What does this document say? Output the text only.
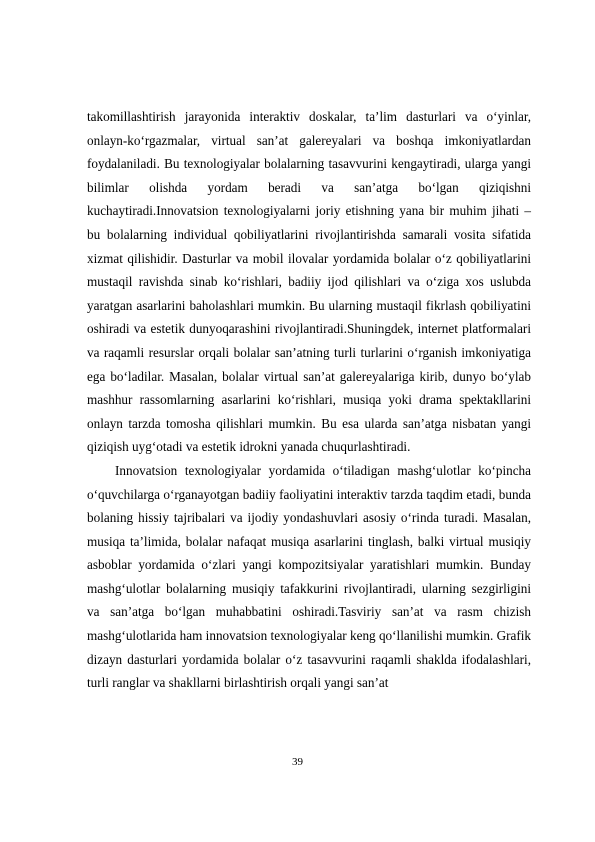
takomillashtirish jarayonida interaktiv doskalar, ta’lim dasturlari va o‘yinlar, onlayn-ko‘rgazmalar, virtual san’at galereyalari va boshqa imkoniyatlardan foydalaniladi. Bu texnologiyalar bolalarning tasavvurini kengaytiradi, ularga yangi bilimlar olishda yordam beradi va san’atga bo‘lgan qiziqishni kuchaytiradi.Innovatsion texnologiyalarni joriy etishning yana bir muhim jihati – bu bolalarning individual qobiliyatlarini rivojlantirishda samarali vosita sifatida xizmat qilishidir. Dasturlar va mobil ilovalar yordamida bolalar o‘z qobiliyatlarini mustaqil ravishda sinab ko‘rishlari, badiiy ijod qilishlari va o‘ziga xos uslubda yaratgan asarlarini baholashlari mumkin. Bu ularning mustaqil fikrlash qobiliyatini oshiradi va estetik dunyoqarashini rivojlantiradi.Shuningdek, internet platformalari va raqamli resurslar orqali bolalar san’atning turli turlarini o‘rganish imkoniyatiga ega bo‘ladilar. Masalan, bolalar virtual san’at galereyalariga kirib, dunyo bo‘ylab mashhur rassomlarning asarlarini ko‘rishlari, musiqa yoki drama spektakllarini onlayn tarzda tomosha qilishlari mumkin. Bu esa ularda san’atga nisbatan yangi qiziqish uyg‘otadi va estetik idrokni yanada chuqurlashtiradi.

Innovatsion texnologiyalar yordamida o‘tiladigan mashg‘ulotlar ko‘pincha o‘quvchilarga o‘rganayotgan badiiy faoliyatini interaktiv tarzda taqdim etadi, bunda bolaning hissiy tajribalari va ijodiy yondashuvlari asosiy o‘rinda turadi. Masalan, musiqa ta’limida, bolalar nafaqat musiqa asarlarini tinglash, balki virtual musiqiy asboblar yordamida o‘zlari yangi kompozitsiyalar yaratishlari mumkin. Bunday mashg‘ulotlar bolalarning musiqiy tafakkurini rivojlantiradi, ularning sezgirligini va san’atga bo‘lgan muhabbatini oshiradi.Tasviriy san’at va rasm chizish mashg‘ulotlarida ham innovatsion texnologiyalar keng qo‘llanilishi mumkin. Grafik dizayn dasturlari yordamida bolalar o‘z tasavvurini raqamli shaklda ifodalashlari, turli ranglar va shakllarni birlashtirish orqali yangi san’at

39
